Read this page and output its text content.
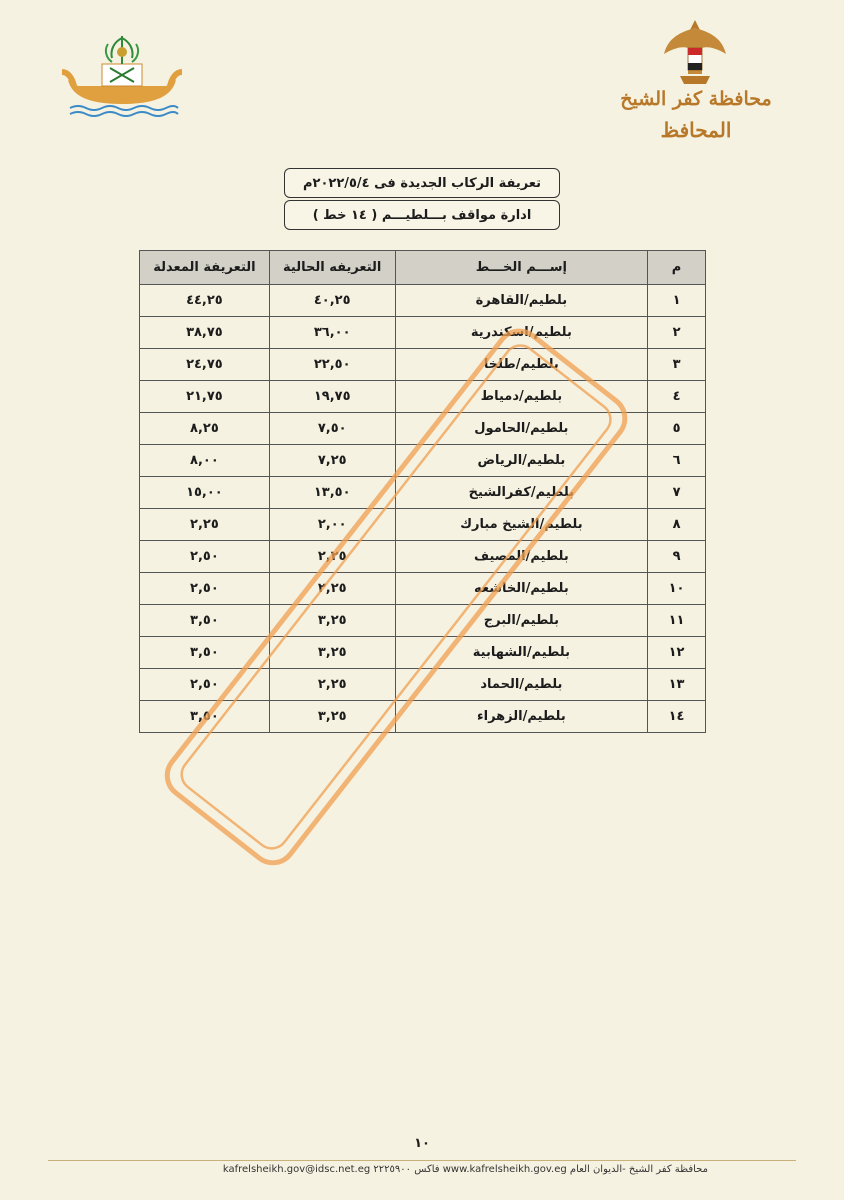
محافظة كفر الشيخ
المحافظ
تعريفة الركاب الجديدة فى ٢٠٢٢/٥/٤م
ادارة مواقف بـــلطيـــم ( ١٤ خط )
م	إســـم الخـــط	التعريفه الحالية	التعريفة المعدلة
١	بلطيم/القاهرة	٤٠,٢٥	٤٤,٢٥
٢	بلطيم/اسكندرية	٣٦,٠٠	٣٨,٧٥
٣	بلطيم/طلخا	٢٢,٥٠	٢٤,٧٥
٤	بلطيم/دمياط	١٩,٧٥	٢١,٧٥
٥	بلطيم/الحامول	٧,٥٠	٨,٢٥
٦	بلطيم/الرياض	٧,٢٥	٨,٠٠
٧	بلطيم/كفرالشيخ	١٣,٥٠	١٥,٠٠
٨	بلطيم/الشيخ مبارك	٢,٠٠	٢,٢٥
٩	بلطيم/المصيف	٢,٢٥	٢,٥٠
١٠	بلطيم/الخاشعه	٢,٢٥	٢,٥٠
١١	بلطيم/البرج	٣,٢٥	٣,٥٠
١٢	بلطيم/الشهابية	٣,٢٥	٣,٥٠
١٣	بلطيم/الحماد	٢,٢٥	٢,٥٠
١٤	بلطيم/الزهراء	٣,٢٥	٣,٥٠
١٠
محافظة كفر الشيخ -الديوان العام www.kafrelsheikh.gov.eg فاكس ٢٢٢٥٩٠٠ kafrelsheikh.gov@idsc.net.eg
